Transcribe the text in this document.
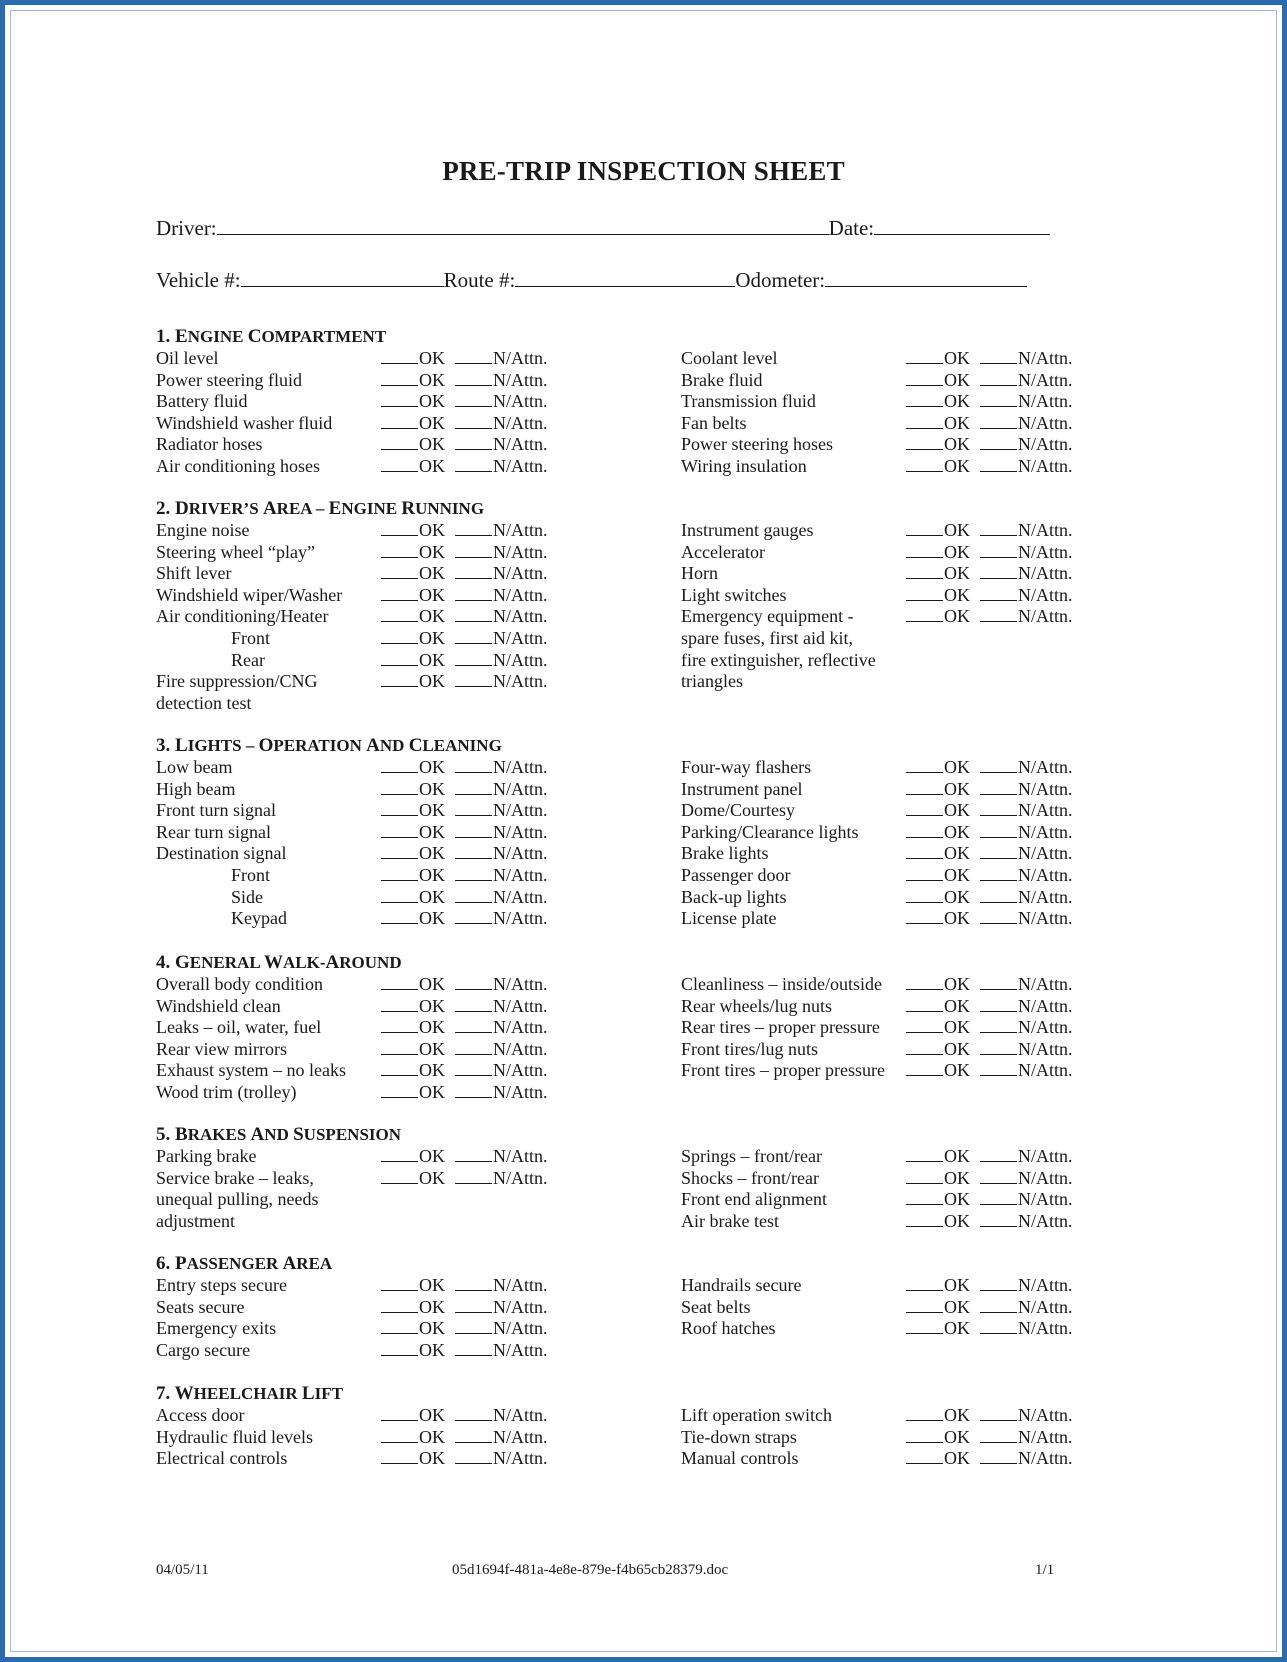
PRE-TRIP INSPECTION SHEET
Driver:	Date:
Vehicle #:	Route #:	Odometer:
1. ENGINE COMPARTMENT
Oil level	OK	N/Attn.
Power steering fluid	OK	N/Attn.
Battery fluid	OK	N/Attn.
Windshield washer fluid	OK	N/Attn.
Radiator hoses	OK	N/Attn.
Air conditioning hoses	OK	N/Attn.
Coolant level	OK	N/Attn.
Brake fluid	OK	N/Attn.
Transmission fluid	OK	N/Attn.
Fan belts	OK	N/Attn.
Power steering hoses	OK	N/Attn.
Wiring insulation	OK	N/Attn.
2. DRIVER’S AREA – ENGINE RUNNING
Engine noise	OK	N/Attn.
Steering wheel “play”	OK	N/Attn.
Shift lever	OK	N/Attn.
Windshield wiper/Washer	OK	N/Attn.
Air conditioning/Heater	OK	N/Attn.
Front	OK	N/Attn.
Rear	OK	N/Attn.
Fire suppression/CNG	OK	N/Attn.
detection test
Instrument gauges	OK	N/Attn.
Accelerator	OK	N/Attn.
Horn	OK	N/Attn.
Light switches	OK	N/Attn.
Emergency equipment -	OK	N/Attn.
spare fuses, first aid kit,
fire extinguisher, reflective
triangles
3. LIGHTS – OPERATION AND CLEANING
Low beam	OK	N/Attn.
High beam	OK	N/Attn.
Front turn signal	OK	N/Attn.
Rear turn signal	OK	N/Attn.
Destination signal	OK	N/Attn.
Front	OK	N/Attn.
Side	OK	N/Attn.
Keypad	OK	N/Attn.
Four-way flashers	OK	N/Attn.
Instrument panel	OK	N/Attn.
Dome/Courtesy	OK	N/Attn.
Parking/Clearance lights	OK	N/Attn.
Brake lights	OK	N/Attn.
Passenger door	OK	N/Attn.
Back-up lights	OK	N/Attn.
License plate	OK	N/Attn.
4. GENERAL WALK-AROUND
Overall body condition	OK	N/Attn.
Windshield clean	OK	N/Attn.
Leaks – oil, water, fuel	OK	N/Attn.
Rear view mirrors	OK	N/Attn.
Exhaust system – no leaks	OK	N/Attn.
Wood trim (trolley)	OK	N/Attn.
Cleanliness – inside/outside	OK	N/Attn.
Rear wheels/lug nuts	OK	N/Attn.
Rear tires – proper pressure	OK	N/Attn.
Front tires/lug nuts	OK	N/Attn.
Front tires – proper pressure	OK	N/Attn.
5. BRAKES AND SUSPENSION
Parking brake	OK	N/Attn.
Service brake – leaks,	OK	N/Attn.
unequal pulling, needs
adjustment
Springs – front/rear	OK	N/Attn.
Shocks – front/rear	OK	N/Attn.
Front end alignment	OK	N/Attn.
Air brake test	OK	N/Attn.
6. PASSENGER AREA
Entry steps secure	OK	N/Attn.
Seats secure	OK	N/Attn.
Emergency exits	OK	N/Attn.
Cargo secure	OK	N/Attn.
Handrails secure	OK	N/Attn.
Seat belts	OK	N/Attn.
Roof hatches	OK	N/Attn.
7. WHEELCHAIR LIFT
Access door	OK	N/Attn.
Hydraulic fluid levels	OK	N/Attn.
Electrical controls	OK	N/Attn.
Lift operation switch	OK	N/Attn.
Tie-down straps	OK	N/Attn.
Manual controls	OK	N/Attn.
04/05/11	05d1694f-481a-4e8e-879e-f4b65cb28379.doc	1/1
